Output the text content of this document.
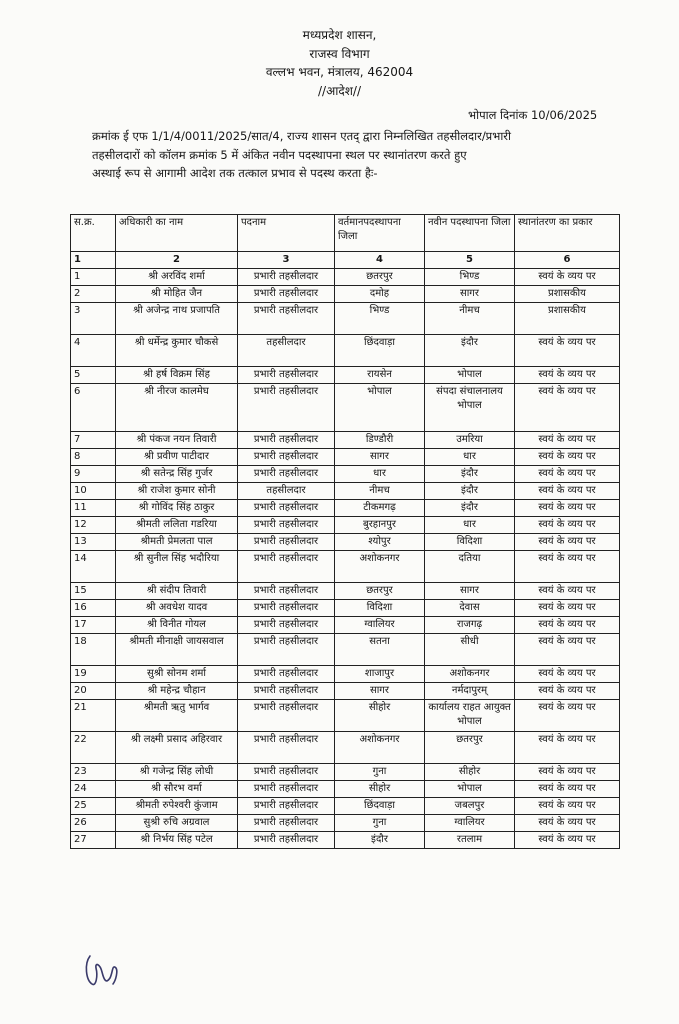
मध्यप्रदेश शासन,
राजस्व विभाग
वल्लभ भवन, मंत्रालय, 462004
//आदेश//
भोपाल दिनांक 10/06/2025
क्रमांक ई एफ 1/1/4/0011/2025/सात/4, राज्य शासन एतद् द्वारा निम्नलिखित तहसीलदार/प्रभारी
तहसीलदारों को कॉलम क्रमांक 5 में अंकित नवीन पदस्थापना स्थल पर स्थानांतरण करते हुए
अस्थाई रूप से आगामी आदेश तक तत्काल प्रभाव से पदस्थ करता हैः-
स.क्र.	अधिकारी का नाम	पदनाम	वर्तमानपदस्थापना जिला	नवीन पदस्थापना जिला	स्थानांतरण का प्रकार
1	2	3	4	5	6
1	श्री अरविंद शर्मा	प्रभारी तहसीलदार	छतरपुर	भिण्ड	स्वयं के व्यय पर
2	श्री मोहित जैन	प्रभारी तहसीलदार	दमोह	सागर	प्रशासकीय
3	श्री अजेन्द्र नाथ प्रजापति	प्रभारी तहसीलदार	भिण्ड	नीमच	प्रशासकीय
4	श्री धर्मेन्द्र कुमार चौकसे	तहसीलदार	छिंदवाड़ा	इंदौर	स्वयं के व्यय पर
5	श्री हर्ष विक्रम सिंह	प्रभारी तहसीलदार	रायसेन	भोपाल	स्वयं के व्यय पर
6	श्री नीरज कालमेघ	प्रभारी तहसीलदार	भोपाल	संपदा संचालनालय भोपाल	स्वयं के व्यय पर
7	श्री पंकज नयन तिवारी	प्रभारी तहसीलदार	डिण्डौरी	उमरिया	स्वयं के व्यय पर
8	श्री प्रवीण पाटीदार	प्रभारी तहसीलदार	सागर	धार	स्वयं के व्यय पर
9	श्री सतेन्द्र सिंह गुर्जर	प्रभारी तहसीलदार	धार	इंदौर	स्वयं के व्यय पर
10	श्री राजेश कुमार सोनी	तहसीलदार	नीमच	इंदौर	स्वयं के व्यय पर
11	श्री गोविंद सिंह ठाकुर	प्रभारी तहसीलदार	टीकमगढ़	इंदौर	स्वयं के व्यय पर
12	श्रीमती ललिता गडरिया	प्रभारी तहसीलदार	बुरहानपुर	धार	स्वयं के व्यय पर
13	श्रीमती प्रेमलता पाल	प्रभारी तहसीलदार	श्योपुर	विदिशा	स्वयं के व्यय पर
14	श्री सुनील सिंह भदौरिया	प्रभारी तहसीलदार	अशोकनगर	दतिया	स्वयं के व्यय पर
15	श्री संदीप तिवारी	प्रभारी तहसीलदार	छतरपुर	सागर	स्वयं के व्यय पर
16	श्री अवधेश यादव	प्रभारी तहसीलदार	विदिशा	देवास	स्वयं के व्यय पर
17	श्री विनीत गोयल	प्रभारी तहसीलदार	ग्वालियर	राजगढ़	स्वयं के व्यय पर
18	श्रीमती मीनाक्षी जायसवाल	प्रभारी तहसीलदार	सतना	सीधी	स्वयं के व्यय पर
19	सुश्री सोनम शर्मा	प्रभारी तहसीलदार	शाजापुर	अशोकनगर	स्वयं के व्यय पर
20	श्री महेन्द्र चौहान	प्रभारी तहसीलदार	सागर	नर्मदापुरम्	स्वयं के व्यय पर
21	श्रीमती ऋतु भार्गव	प्रभारी तहसीलदार	सीहोर	कार्यालय राहत आयुक्त भोपाल	स्वयं के व्यय पर
22	श्री लक्ष्मी प्रसाद अहिरवार	प्रभारी तहसीलदार	अशोकनगर	छतरपुर	स्वयं के व्यय पर
23	श्री गजेन्द्र सिंह लोधी	प्रभारी तहसीलदार	गुना	सीहोर	स्वयं के व्यय पर
24	श्री सौरभ वर्मा	प्रभारी तहसीलदार	सीहोर	भोपाल	स्वयं के व्यय पर
25	श्रीमती रुपेश्वरी कुंजाम	प्रभारी तहसीलदार	छिंदवाड़ा	जबलपुर	स्वयं के व्यय पर
26	सुश्री रुचि अग्रवाल	प्रभारी तहसीलदार	गुना	ग्वालियर	स्वयं के व्यय पर
27	श्री निर्भय सिंह पटेल	प्रभारी तहसीलदार	इंदौर	रतलाम	स्वयं के व्यय पर
